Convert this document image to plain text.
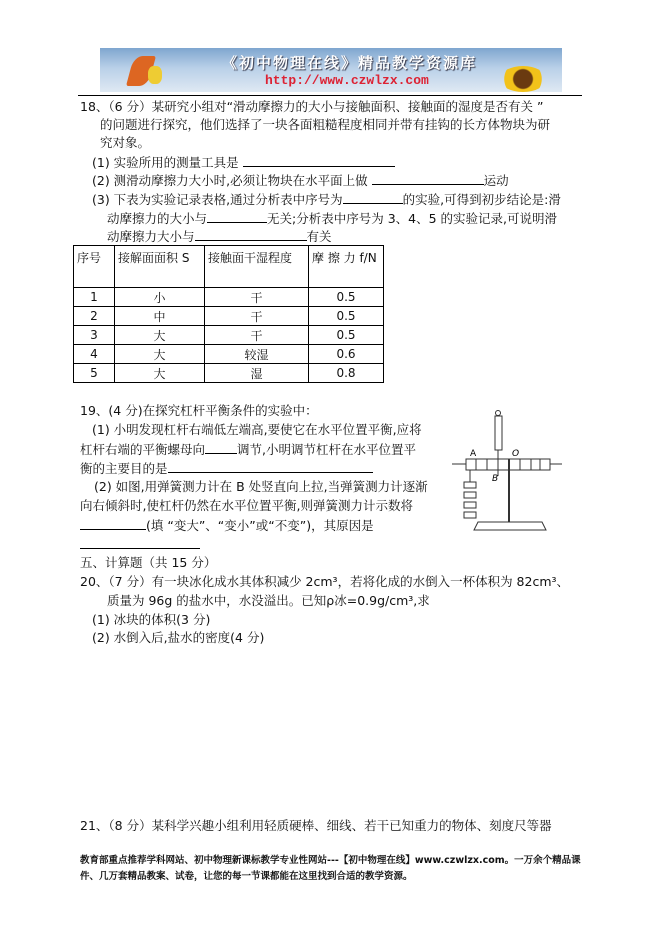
《初中物理在线》精品教学资源库
http://www.czwlzx.com
18、（6 分）某研究小组对“滑动摩擦力的大小与接触面积、接触面的湿度是否有关 ”
的问题进行探究，他们选择了一块各面粗糙程度相同并带有挂钩的长方体物块为研
究对象。
(1) 实验所用的测量工具是
(2) 测滑动摩擦力大小时,必须让物块在水平面上做	运动
(3) 下表为实验记录表格,通过分析表中序号为	的实验,可得到初步结论是:滑
动摩擦力的大小与	无关;分析表中序号为 3、4、5 的实验记录,可说明滑
动摩擦力大小与	有关
序号	接解面面积 S	接触面干湿程度	摩 擦 力 f/N
1	小	干	0.5
2	中	干	0.5
3	大	干	0.5
4	大	较湿	0.6
5	大	湿	0.8
19、(4 分)在探究杠杆平衡条件的实验中：
(1) 小明发现杠杆右端低左端高,要使它在水平位置平衡,应将
杠杆右端的平衡螺母向	调节,小明调节杠杆在水平位置平
衡的主要目的是
(2) 如图,用弹簧测力计在 B 处竖直向上拉,当弹簧测力计逐渐
向右倾斜时,使杠杆仍然在水平位置平衡,则弹簧测力计示数将
(填 “变大”、“变小”或“不变”)，其原因是
A	O
B
五、计算题（共 15 分）
20、（7 分）有一块冰化成水其体积减少 2cm³，若将化成的水倒入一杯体积为 82cm³、
质量为 96g 的盐水中，水没溢出。已知ρ冰=0.9g/cm³,求
(1) 冰块的体积(3 分)
(2) 水倒入后,盐水的密度(4 分)
21、（8 分）某科学兴趣小组利用轻质硬棒、细线、若干已知重力的物体、刻度尺等器
教育部重点推荐学科网站、初中物理新课标教学专业性网站---【初中物理在线】www.czwlzx.com。一万余个精品课
件、几万套精品教案、试卷，让您的每一节课都能在这里找到合适的教学资源。
